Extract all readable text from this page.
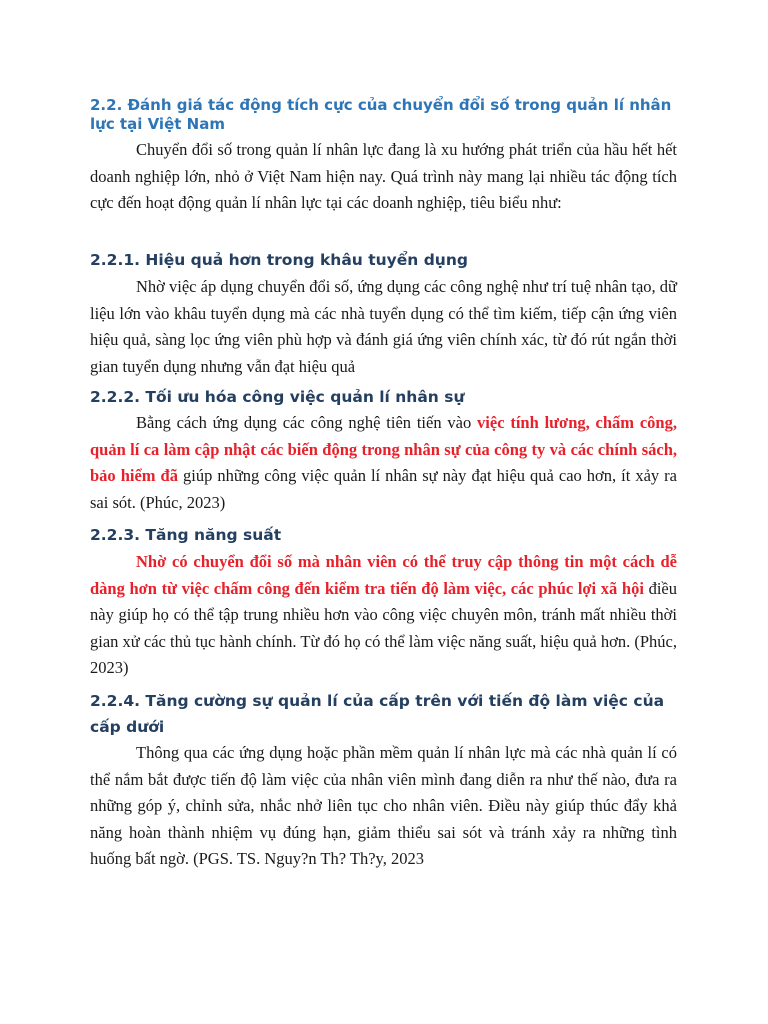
2.2. Đánh giá tác động tích cực của chuyển đổi số trong quản lí nhân lực tại Việt Nam

Chuyển đổi số trong quản lí nhân lực đang là xu hướng phát triển của hầu hết hết doanh nghiệp lớn, nhỏ ở Việt Nam hiện nay. Quá trình này mang lại nhiều tác động tích cực đến hoạt động quản lí nhân lực tại các doanh nghiệp, tiêu biểu như:

2.2.1. Hiệu quả hơn trong khâu tuyển dụng

Nhờ việc áp dụng chuyển đổi số, ứng dụng các công nghệ như trí tuệ nhân tạo, dữ liệu lớn vào khâu tuyển dụng mà các nhà tuyển dụng có thể tìm kiếm, tiếp cận ứng viên hiệu quả, sàng lọc ứng viên phù hợp và đánh giá ứng viên chính xác, từ đó rút ngắn thời gian tuyển dụng nhưng vẫn đạt hiệu quả

2.2.2. Tối ưu hóa công việc quản lí nhân sự

Bằng cách ứng dụng các công nghệ tiên tiến vào việc tính lương, chấm công, quản lí ca làm cập nhật các biến động trong nhân sự của công ty và các chính sách, bảo hiểm đã giúp những công việc quản lí nhân sự này đạt hiệu quả cao hơn, ít xảy ra sai sót. (Phúc, 2023)

2.2.3. Tăng năng suất

Nhờ có chuyển đổi số mà nhân viên có thể truy cập thông tin một cách dễ dàng hơn từ việc chấm công đến kiểm tra tiến độ làm việc, các phúc lợi xã hội điều này giúp họ có thể tập trung nhiều hơn vào công việc chuyên môn, tránh mất nhiều thời gian xử các thủ tục hành chính. Từ đó họ có thể làm việc năng suất, hiệu quả hơn. (Phúc, 2023)

2.2.4. Tăng cường sự quản lí của cấp trên với tiến độ làm việc của cấp dưới

Thông qua các ứng dụng hoặc phần mềm quản lí nhân lực mà các nhà quản lí có thể nắm bắt được tiến độ làm việc của nhân viên mình đang diễn ra như thế nào, đưa ra những góp ý, chỉnh sửa, nhắc nhở liên tục cho nhân viên. Điều này giúp thúc đẩy khả năng hoàn thành nhiệm vụ đúng hạn, giảm thiểu sai sót và tránh xảy ra những tình huống bất ngờ. (PGS. TS. Nguy?n Th? Th?y, 2023
